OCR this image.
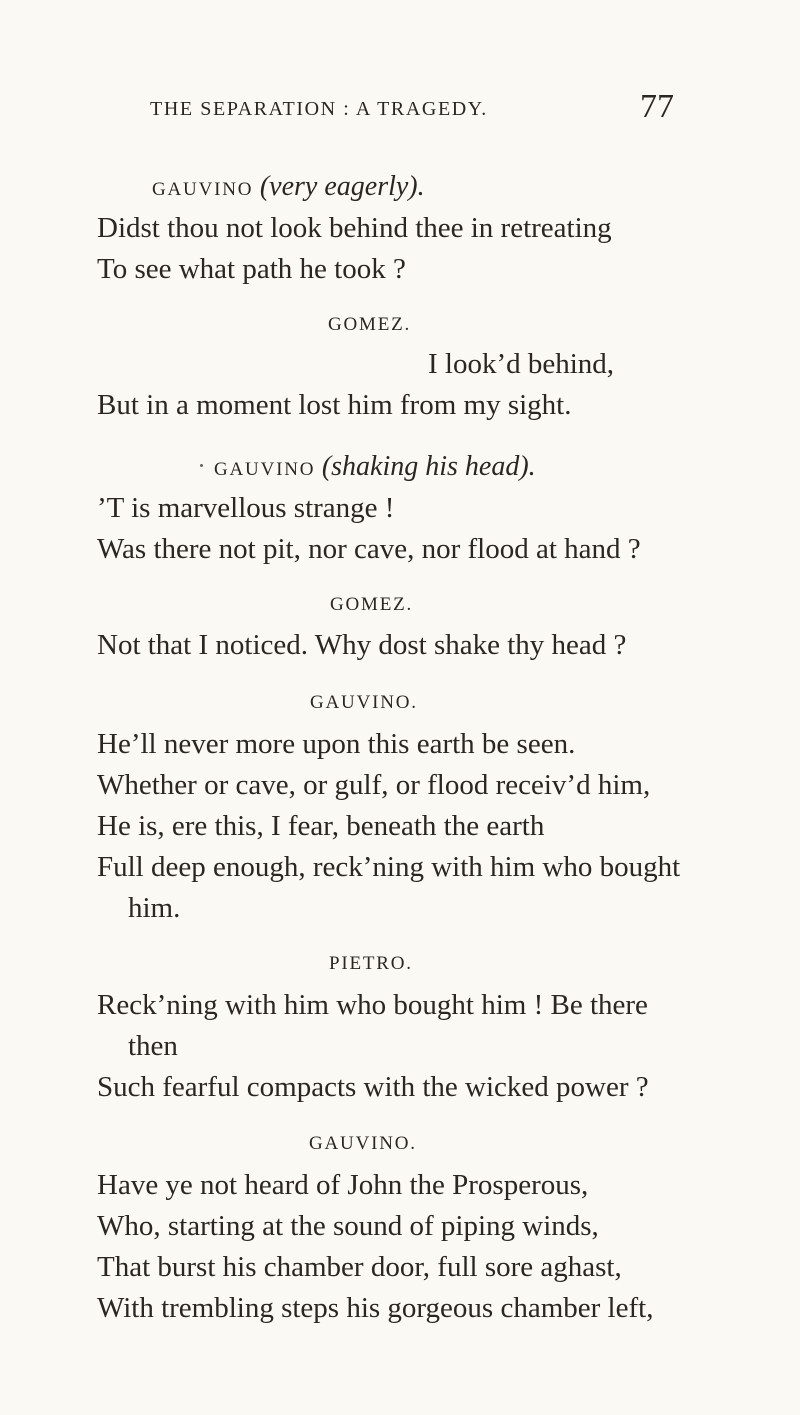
THE SEPARATION : A TRAGEDY.	77
GAUVINO (very eagerly).
Didst thou not look behind thee in retreating
To see what path he took ?
GOMEZ.
I look’d behind,
But in a moment lost him from my sight.
GAUVINO (shaking his head).
’T is marvellous strange !
Was there not pit, nor cave, nor flood at hand ?
GOMEZ.
Not that I noticed. Why dost shake thy head ?
GAUVINO.
He’ll never more upon this earth be seen.
Whether or cave, or gulf, or flood receiv’d him,
He is, ere this, I fear, beneath the earth
Full deep enough, reck’ning with him who bought
him.
PIETRO.
Reck’ning with him who bought him ! Be there
then
Such fearful compacts with the wicked power ?
GAUVINO.
Have ye not heard of John the Prosperous,
Who, starting at the sound of piping winds,
That burst his chamber door, full sore aghast,
With trembling steps his gorgeous chamber left,
